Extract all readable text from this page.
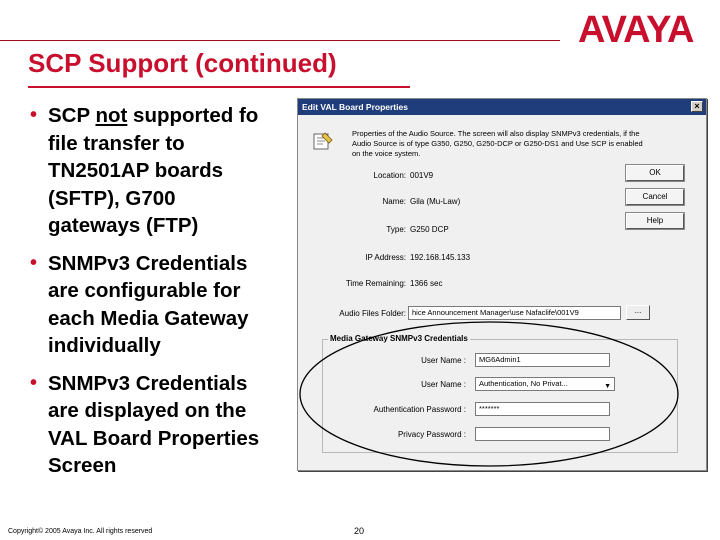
AVAYA
SCP Support (continued)
• SCP not supported fo
file transfer to
TN2501AP boards
(SFTP), G700
gateways (FTP)
• SNMPv3 Credentials
are configurable for
each Media Gateway
individually
• SNMPv3 Credentials
are displayed on the
VAL Board Properties
Screen
Edit VAL Board Properties	×
Properties of the Audio Source. The screen will also display SNMPv3 credentials, if the Audio Source is of type G350, G250, G250-DCP or G250-DS1 and Use SCP is enabled on the voice system.
Location: 001V9
Name: Gila (Mu-Law)
Type: G250 DCP
IP Address: 192.168.145.133
Time Remaining: 1366 sec
Audio Files Folder: hice Announcement Manager\use Nafaclife\001V9	...
OK
Cancel
Help
Media Gateway SNMPv3 Credentials
User Name :	MG6Admin1
User Name :	Authentication, No Privat...	▼
Authentication Password :	*******
Privacy Password :
Copyright© 2005 Avaya Inc. All rights reserved	20
